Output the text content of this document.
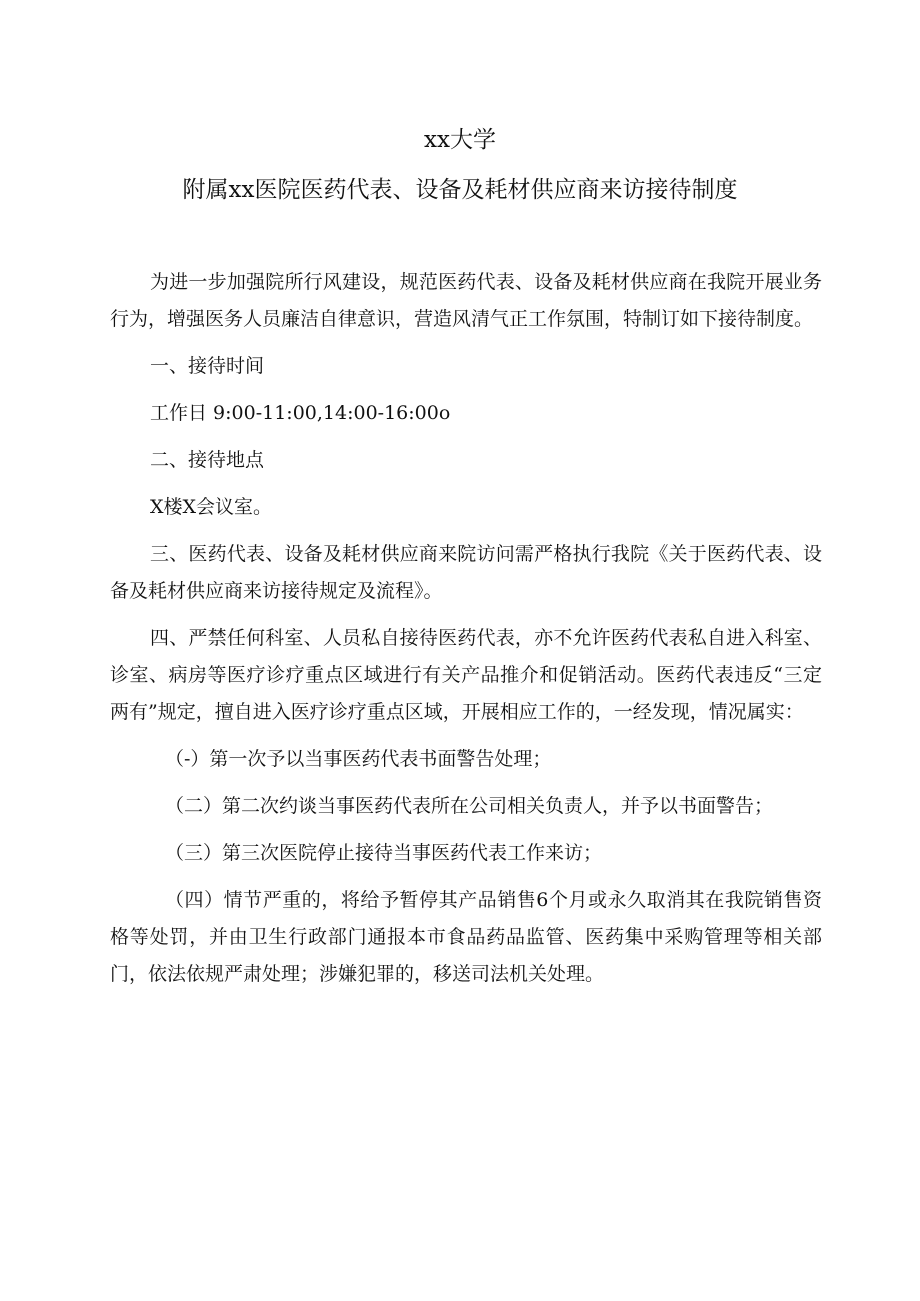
xx大学
附属xx医院医药代表、设备及耗材供应商来访接待制度

为进一步加强院所行风建设，规范医药代表、设备及耗材供应商在我院开展业务行为，增强医务人员廉洁自律意识，营造风清气正工作氛围，特制订如下接待制度。

一、接待时间

工作日 9:00-11:00,14:00-16:00o

二、接待地点

X楼X会议室。

三、医药代表、设备及耗材供应商来院访问需严格执行我院《关于医药代表、设备及耗材供应商来访接待规定及流程》。

四、严禁任何科室、人员私自接待医药代表，亦不允许医药代表私自进入科室、诊室、病房等医疗诊疗重点区域进行有关产品推介和促销活动。医药代表违反“三定两有”规定，擅自进入医疗诊疗重点区域，开展相应工作的，一经发现，情况属实：

（-）第一次予以当事医药代表书面警告处理；

（二）第二次约谈当事医药代表所在公司相关负责人，并予以书面警告；

（三）第三次医院停止接待当事医药代表工作来访；

（四）情节严重的，将给予暂停其产品销售6个月或永久取消其在我院销售资格等处罚，并由卫生行政部门通报本市食品药品监管、医药集中采购管理等相关部门，依法依规严肃处理；涉嫌犯罪的，移送司法机关处理。
